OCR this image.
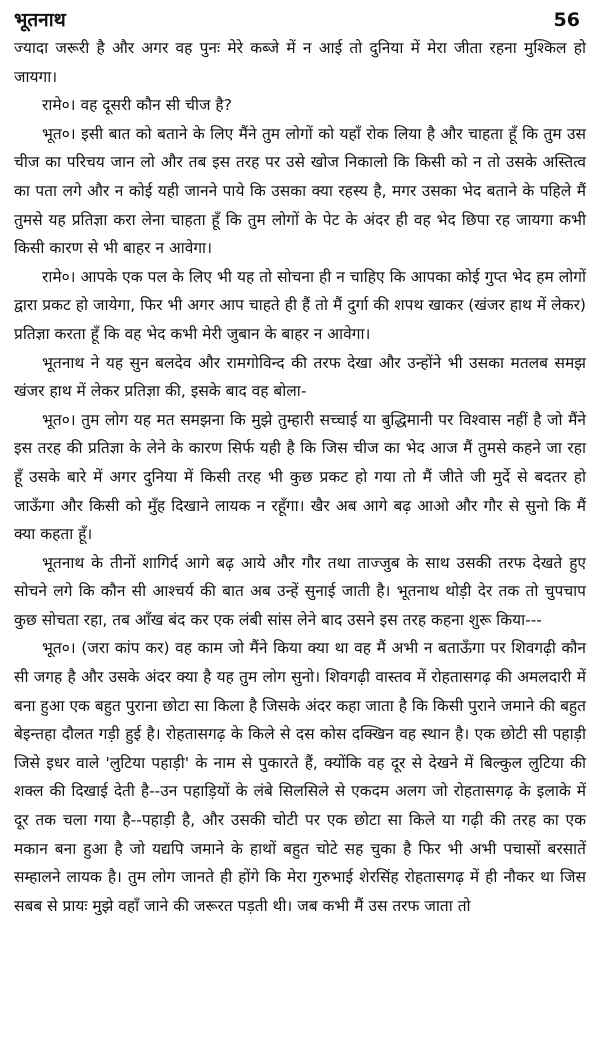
भूतनाथ	56

ज्यादा जरूरी है और अगर वह पुनः मेरे कब्जे में न आई तो दुनिया में मेरा जीता रहना मुश्किल हो जायगा।

रामे०। वह दूसरी कौन सी चीज है?

भूत०। इसी बात को बताने के लिए मैंने तुम लोगों को यहाँ रोक लिया है और चाहता हूँ कि तुम उस चीज का परिचय जान लो और तब इस तरह पर उसे खोज निकालो कि किसी को न तो उसके अस्तित्व का पता लगे और न कोई यही जानने पाये कि उसका क्या रहस्य है, मगर उसका भेद बताने के पहिले मैं तुमसे यह प्रतिज्ञा करा लेना चाहता हूँ कि तुम लोगों के पेट के अंदर ही वह भेद छिपा रह जायगा कभी किसी कारण से भी बाहर न आवेगा।

रामे०। आपके एक पल के लिए भी यह तो सोचना ही न चाहिए कि आपका कोई गुप्त भेद हम लोगों द्वारा प्रकट हो जायेगा, फिर भी अगर आप चाहते ही हैं तो मैं दुर्गा की शपथ खाकर (खंजर हाथ में लेकर) प्रतिज्ञा करता हूँ कि वह भेद कभी मेरी जुबान के बाहर न आवेगा।

भूतनाथ ने यह सुन बलदेव और रामगोविन्द की तरफ देखा और उन्होंने भी उसका मतलब समझ खंजर हाथ में लेकर प्रतिज्ञा की, इसके बाद वह बोला-

भूत०। तुम लोग यह मत समझना कि मुझे तुम्हारी सच्चाई या बुद्धिमानी पर विश्वास नहीं है जो मैंने इस तरह की प्रतिज्ञा के लेने के कारण सिर्फ यही है कि जिस चीज का भेद आज मैं तुमसे कहने जा रहा हूँ उसके बारे में अगर दुनिया में किसी तरह भी कुछ प्रकट हो गया तो मैं जीते जी मुर्दे से बदतर हो जाऊँगा और किसी को मुँह दिखाने लायक न रहूँगा। खैर अब आगे बढ़ आओ और गौर से सुनो कि मैं क्या कहता हूँ।

भूतनाथ के तीनों शागिर्द आगे बढ़ आये और गौर तथा ताज्जुब के साथ उसकी तरफ देखते हुए सोचने लगे कि कौन सी आश्चर्य की बात अब उन्हें सुनाई जाती है। भूतनाथ थोड़ी देर तक तो चुपचाप कुछ सोचता रहा, तब आँख बंद कर एक लंबी सांस लेने बाद उसने इस तरह कहना शुरू किया---

भूत०। (जरा कांप कर) वह काम जो मैंने किया क्या था वह मैं अभी न बताऊँगा पर शिवगढ़ी कौन सी जगह है और उसके अंदर क्या है यह तुम लोग सुनो। शिवगढ़ी वास्तव में रोहतासगढ़ की अमलदारी में बना हुआ एक बहुत पुराना छोटा सा किला है जिसके अंदर कहा जाता है कि किसी पुराने जमाने की बहुत बेइन्तहा दौलत गड़ी हुई है। रोहतासगढ़ के किले से दस कोस दक्खिन वह स्थान है। एक छोटी सी पहाड़ी जिसे इधर वाले 'लुटिया पहाड़ी' के नाम से पुकारते हैं, क्योंकि वह दूर से देखने में बिल्कुल लुटिया की शक्ल की दिखाई देती है--उन पहाड़ियों के लंबे सिलसिले से एकदम अलग जो रोहतासगढ़ के इलाके में दूर तक चला गया है--पहाड़ी है, और उसकी चोटी पर एक छोटा सा किले या गढ़ी की तरह का एक मकान बना हुआ है जो यद्यपि जमाने के हाथों बहुत चोटे सह चुका है फिर भी अभी पचासों बरसातें सम्हालने लायक है। तुम लोग जानते ही होंगे कि मेरा गुरुभाई शेरसिंह रोहतासगढ़ में ही नौकर था जिस सबब से प्रायः मुझे वहाँ जाने की जरूरत पड़ती थी। जब कभी मैं उस तरफ जाता तो
